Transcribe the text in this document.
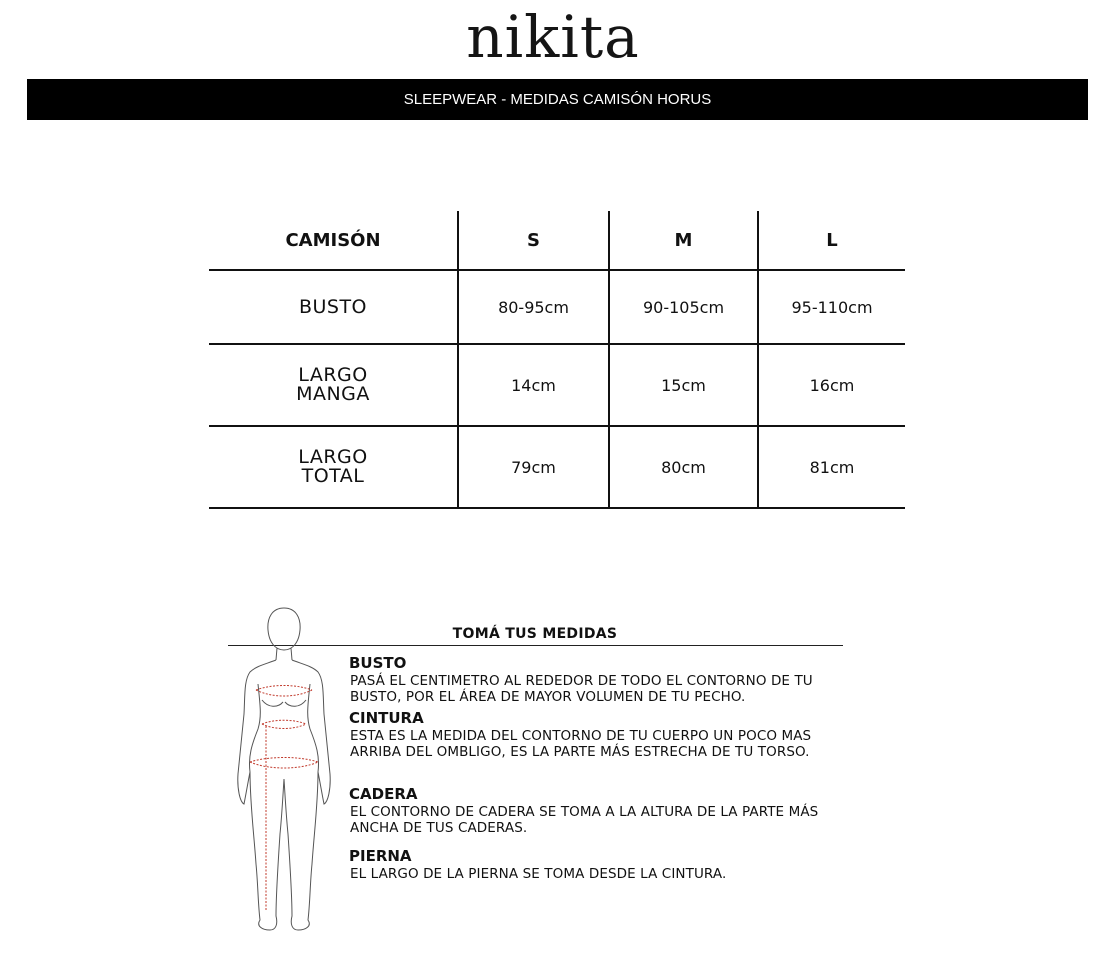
nikita
SLEEPWEAR - MEDIDAS CAMISÓN HORUS
CAMISÓN	S	M	L
BUSTO	80-95cm	90-105cm	95-110cm

LARGO
MANGA	14cm	15cm	16cm

LARGO
TOTAL	79cm	80cm	81cm
TOMÁ TUS MEDIDAS
BUSTO

PASÁ EL CENTIMETRO AL REDEDOR DE TODO EL CONTORNO DE TU BUSTO, POR EL ÁREA DE MAYOR VOLUMEN DE TU PECHO.

CINTURA

ESTA ES LA MEDIDA DEL CONTORNO DE TU CUERPO UN POCO MAS ARRIBA DEL OMBLIGO, ES LA PARTE MÁS ESTRECHA DE TU TORSO.

CADERA

EL CONTORNO DE CADERA SE TOMA A LA ALTURA DE LA PARTE MÁS ANCHA DE TUS CADERAS.

PIERNA

EL LARGO DE LA PIERNA SE TOMA DESDE LA CINTURA.
